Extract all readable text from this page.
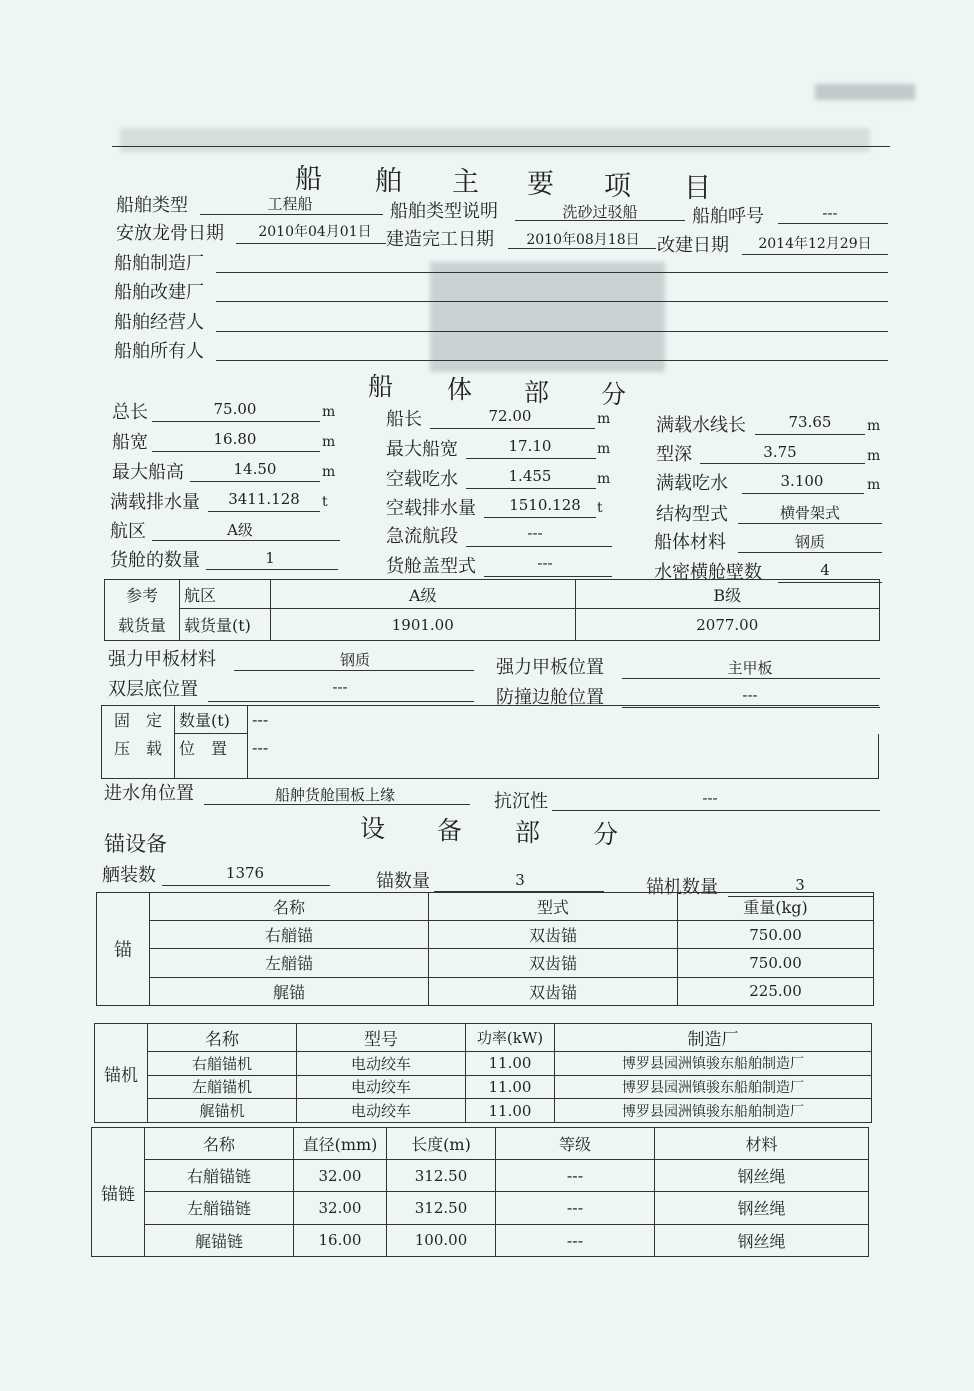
船 舶 主 要 项 目
船舶类型	工程船	船舶类型说明	洗砂过驳船	船舶呼号	---
安放龙骨日期	2010年04月01日 建造完工日期	2010年08月18日 改建日期	2014年12月29日
船舶制造厂
船舶改建厂
船舶经营人
船舶所有人
船 体 部 分
总长	75.00	m	船长	72.00	m	满载水线长	73.65	m
船宽	16.80	m	最大船宽	17.10	m	型深	3.75	m
最大船高	14.50	m	空载吃水	1.455	m	满载吃水	3.100	m
满载排水量	3411.128	t	空载排水量	1510.128	t	结构型式	横骨架式
航区	A级	急流航段	---	船体材料	钢质
货舱的数量	1	货舱盖型式	---	水密横舱壁数	4
参考	航区	A级	B级
载货量	载货量(t)	1901.00	2077.00
强力甲板材料	钢质	强力甲板位置	主甲板
双层底位置	---	防撞边舱位置	---
固　定	数量(t)	---
压　载	位　置	---

进水角位置	船舯货舱围板上缘	抗沉性	---
设 备 部 分
锚设备
舾装数	1376	锚数量	3	锚机数量	3
锚	名称	型式	重量(kg)
	右艏锚	双齿锚	750.00
	左艏锚	双齿锚	750.00
	艉锚	双齿锚	225.00
锚机	名称	型号	功率(kW)	制造厂
	右艏锚机	电动绞车	11.00	博罗县园洲镇骏东船舶制造厂
	左艏锚机	电动绞车	11.00	博罗县园洲镇骏东船舶制造厂
	艉锚机	电动绞车	11.00	博罗县园洲镇骏东船舶制造厂
锚链	名称	直径(mm)	长度(m)	等级	材料
	右艏锚链	32.00	312.50	---	钢丝绳
	左艏锚链	32.00	312.50	---	钢丝绳
	艉锚链	16.00	100.00	---	钢丝绳
